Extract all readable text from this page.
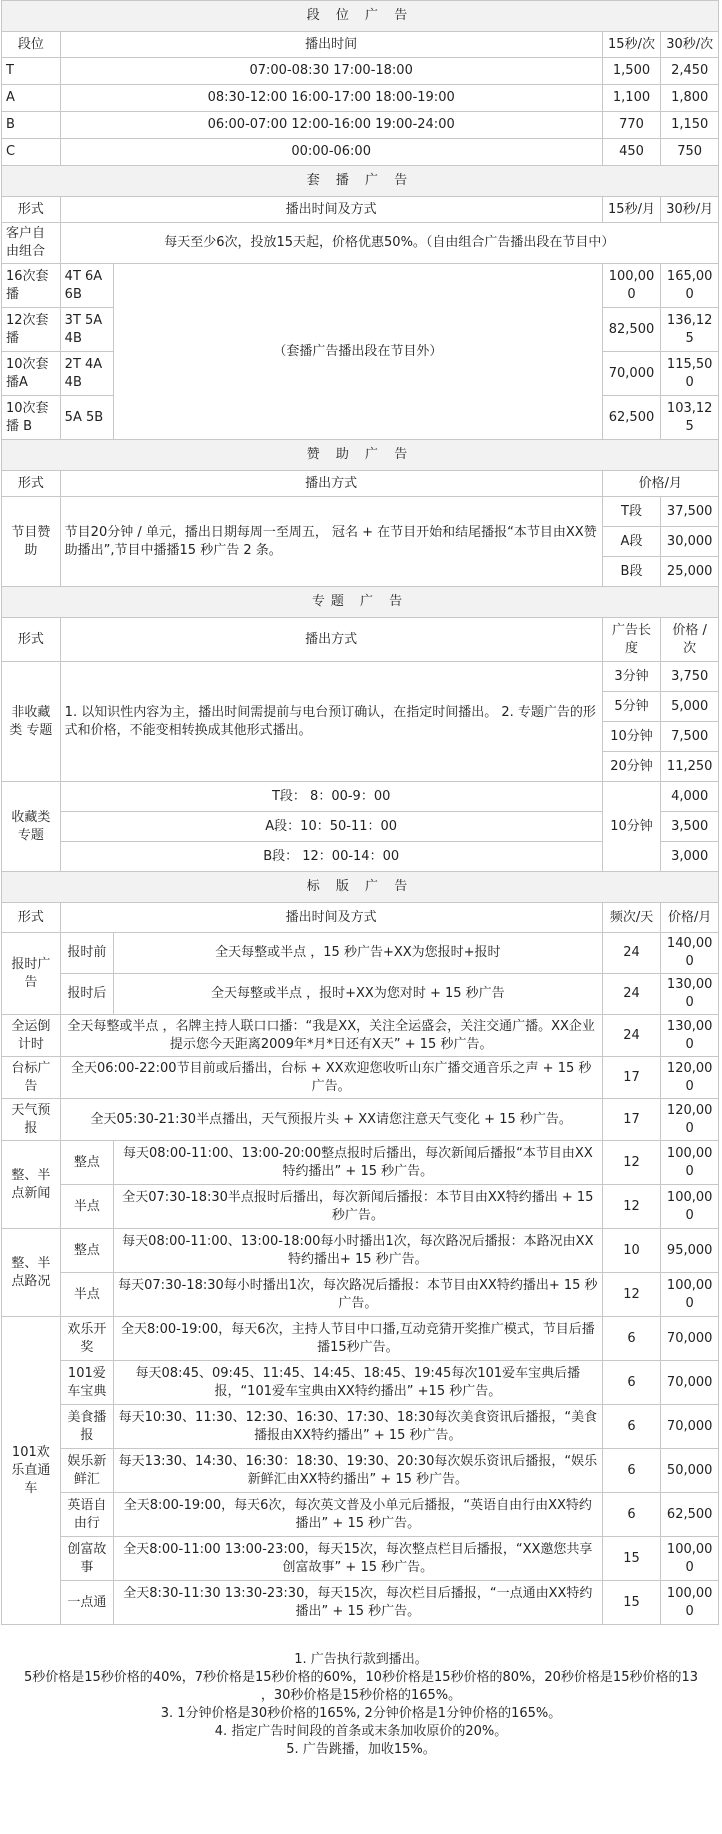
段 位 广 告				
段位	播出时间		15秒/次	30秒/次
T	07:00-08:30 17:00-18:00		1,500	2,450
A	08:30-12:00 16:00-17:00 18:00-19:00		1,100	1,800
B	06:00-07:00 12:00-16:00 19:00-24:00		770	1,150
C	00:00-06:00		450	750
套 播 广 告				
形式	播出时间及方式		15秒/月	30秒/月
客户自由组合	每天至少6次，投放15天起，价格优惠50%。（自由组合广告播出段在节目中）			
16次套播	4T 6A 6B	（套播广告播出段在节目外）	100,000	165,000
12次套播	3T 5A 4B		82,500	136,125
10次套播A	2T 4A 4B		70,000	115,500
10次套播 B	5A 5B		62,500	103,125
赞 助 广 告				
形式	播出方式		价格/月	
节目赞助	节目20分钟 / 单元，播出日期每周一至周五， 冠名 + 在节目开始和结尾播报“本节目由XX赞助播出”,节目中播播15 秒广告 2 条。		T段	37,500
			A段	30,000
			B段	25,000
专题 广 告				
形式	播出方式		广告长度	价格 / 次
非收藏类 专题	1. 以知识性内容为主，播出时间需提前与电台预订确认，在指定时间播出。 2. 专题广告的形式和价格，不能变相转换成其他形式播出。		3分钟	3,750
			5分钟	5,000
			10分钟	7,500
			20分钟	11,250
收藏类专题	T段： 8：00-9：00		10分钟	4,000
	A段：10：50-11：00			3,500
	B段： 12：00-14：00			3,000
标 版 广 告				
形式	播出时间及方式		频次/天	价格/月
报时广告	报时前	全天每整或半点 ，15 秒广告+XX为您报时+报时	24	140,000
	报时后	全天每整或半点 ，报时+XX为您对时 + 15 秒广告	24	130,000
全运倒计时	全天每整或半点 ，名牌主持人联口口播：“我是XX，关注全运盛会，关注交通广播。XX企业提示您今天距离2009年*月*日还有X天” + 15 秒广告。		24	130,000
台标广告	全天06:00-22:00节目前或后播出，台标 + XX欢迎您收听山东广播交通音乐之声 + 15 秒广告。		17	120,000
天气预报	全天05:30-21:30半点播出，天气预报片头 + XX请您注意天气变化 + 15 秒广告。		17	120,000
整、半点新闻	整点	每天08:00-11:00、13:00-20:00整点报时后播出，每次新闻后播报“本节目由XX特约播出” + 15 秒广告。	12	100,000
	半点	全天07:30-18:30半点报时后播出，每次新闻后播报：本节目由XX特约播出 + 15 秒广告。	12	100,000
整、半点路况	整点	每天08:00-11:00、13:00-18:00每小时播出1次，每次路况后播报：本路况由XX特约播出+ 15 秒广告。	10	95,000
	半点	每天07:30-18:30每小时播出1次，每次路况后播报：本节目由XX特约播出+ 15 秒广告。	12	100,000
101欢乐直通车	欢乐开奖	全天8:00-19:00，每天6次，主持人节目中口播,互动竞猜开奖推广模式，节目后播播15秒广告。	6	70,000
	101爱车宝典	每天08:45、09:45、11:45、14:45、18:45、19:45每次101爱车宝典后播报，“101爱车宝典由XX特约播出” +15 秒广告。	6	70,000
	美食播报	每天10:30、11:30、12:30、16:30、17:30、18:30每次美食资讯后播报，“美食播报由XX特约播出” + 15 秒广告。	6	70,000
	娱乐新鲜汇	每天13:30、14:30、16:30：18:30、19:30、20:30每次娱乐资讯后播报，“娱乐新鲜汇由XX特约播出” + 15 秒广告。	6	50,000
	英语自由行	全天8:00-19:00，每天6次，每次英文普及小单元后播报，“英语自由行由XX特约播出” + 15 秒广告。	6	62,500
	创富故事	全天8:00-11:00 13:00-23:00，每天15次，每次整点栏目后播报，“XX邀您共享创富故事” + 15 秒广告。	15	100,000
	一点通	全天8:30-11:30 13:30-23:30，每天15次，每次栏目后播报，“一点通由XX特约播出” + 15 秒广告。	15	100,000
1. 广告执行款到播出。
5秒价格是15秒价格的40%，7秒价格是15秒价格的60%，10秒价格是15秒价格的80%，20秒价格是15秒价格的13
，30秒价格是15秒价格的165%。
3. 1分钟价格是30秒价格的165%, 2分钟价格是1分钟价格的165%。
4. 指定广告时间段的首条或末条加收原价的20%。
5. 广告跳播，加收15%。
